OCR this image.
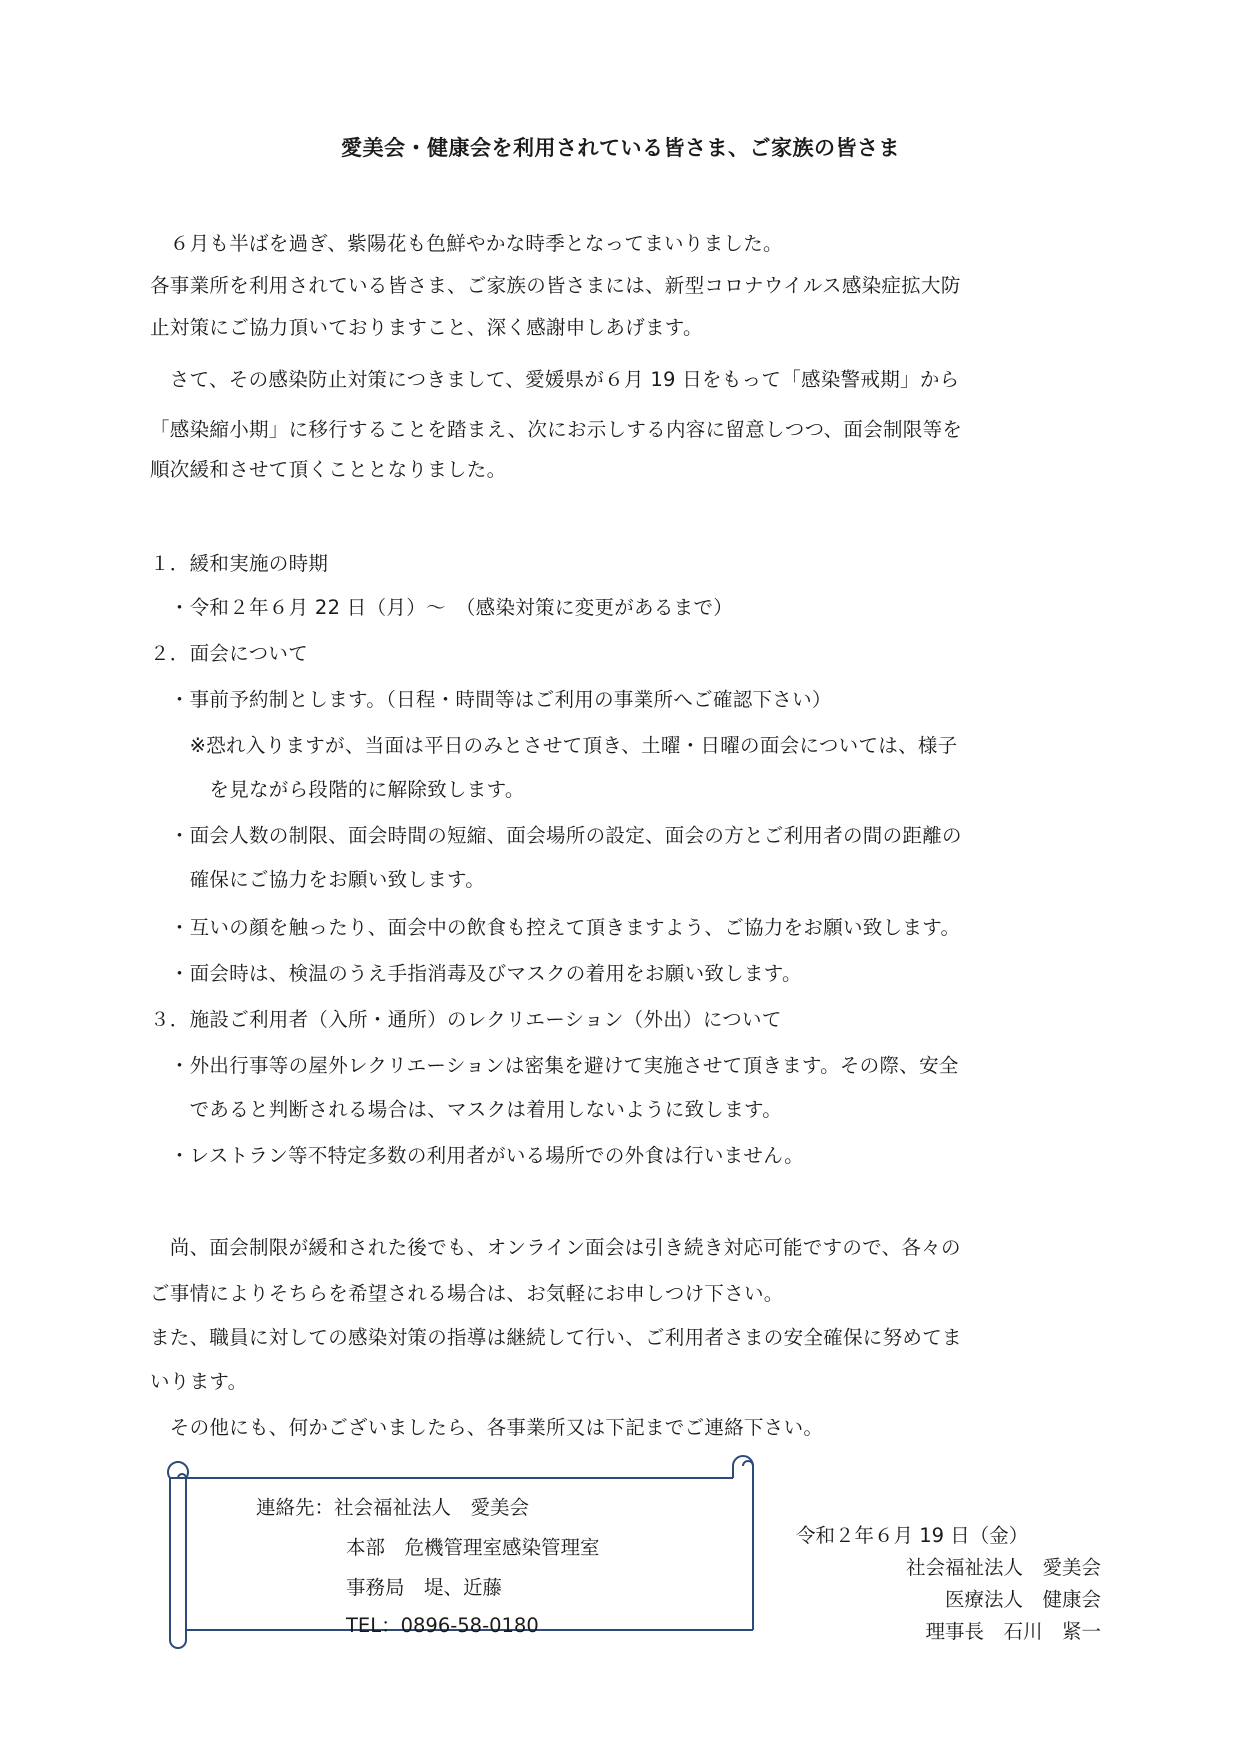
愛美会・健康会を利用されている皆さま、ご家族の皆さま
　６月も半ばを過ぎ、紫陽花も色鮮やかな時季となってまいりました。
各事業所を利用されている皆さま、ご家族の皆さまには、新型コロナウイルス感染症拡大防
止対策にご協力頂いておりますこと、深く感謝申しあげます。
　さて、その感染防止対策につきまして、愛媛県が６月 19 日をもって「感染警戒期」から
「感染縮小期」に移行することを踏まえ、次にお示しする内容に留意しつつ、面会制限等を
順次緩和させて頂くこととなりました。
１．緩和実施の時期
　・令和２年６月 22 日（月）～　（感染対策に変更があるまで）
２．面会について
　・事前予約制とします。（日程・時間等はご利用の事業所へご確認下さい）
　　※恐れ入りますが、当面は平日のみとさせて頂き、土曜・日曜の面会については、様子
　　　を見ながら段階的に解除致します。
　・面会人数の制限、面会時間の短縮、面会場所の設定、面会の方とご利用者の間の距離の
　　確保にご協力をお願い致します。
　・互いの顔を触ったり、面会中の飲食も控えて頂きますよう、ご協力をお願い致します。
　・面会時は、検温のうえ手指消毒及びマスクの着用をお願い致します。
３．施設ご利用者（入所・通所）のレクリエーション（外出）について
　・外出行事等の屋外レクリエーションは密集を避けて実施させて頂きます。その際、安全
　　であると判断される場合は、マスクは着用しないように致します。
　・レストラン等不特定多数の利用者がいる場所での外食は行いません。
　尚、面会制限が緩和された後でも、オンライン面会は引き続き対応可能ですので、各々の
ご事情によりそちらを希望される場合は、お気軽にお申しつけ下さい。
また、職員に対しての感染対策の指導は継続して行い、ご利用者さまの安全確保に努めてま
いります。
　その他にも、何かございましたら、各事業所又は下記までご連絡下さい。
連絡先：社会福祉法人　愛美会
本部　危機管理室感染管理室
事務局　堤、近藤
TEL：0896-58-0180
令和２年６月 19 日（金）
社会福祉法人　愛美会
医療法人　健康会
理事長　石川　紧一
